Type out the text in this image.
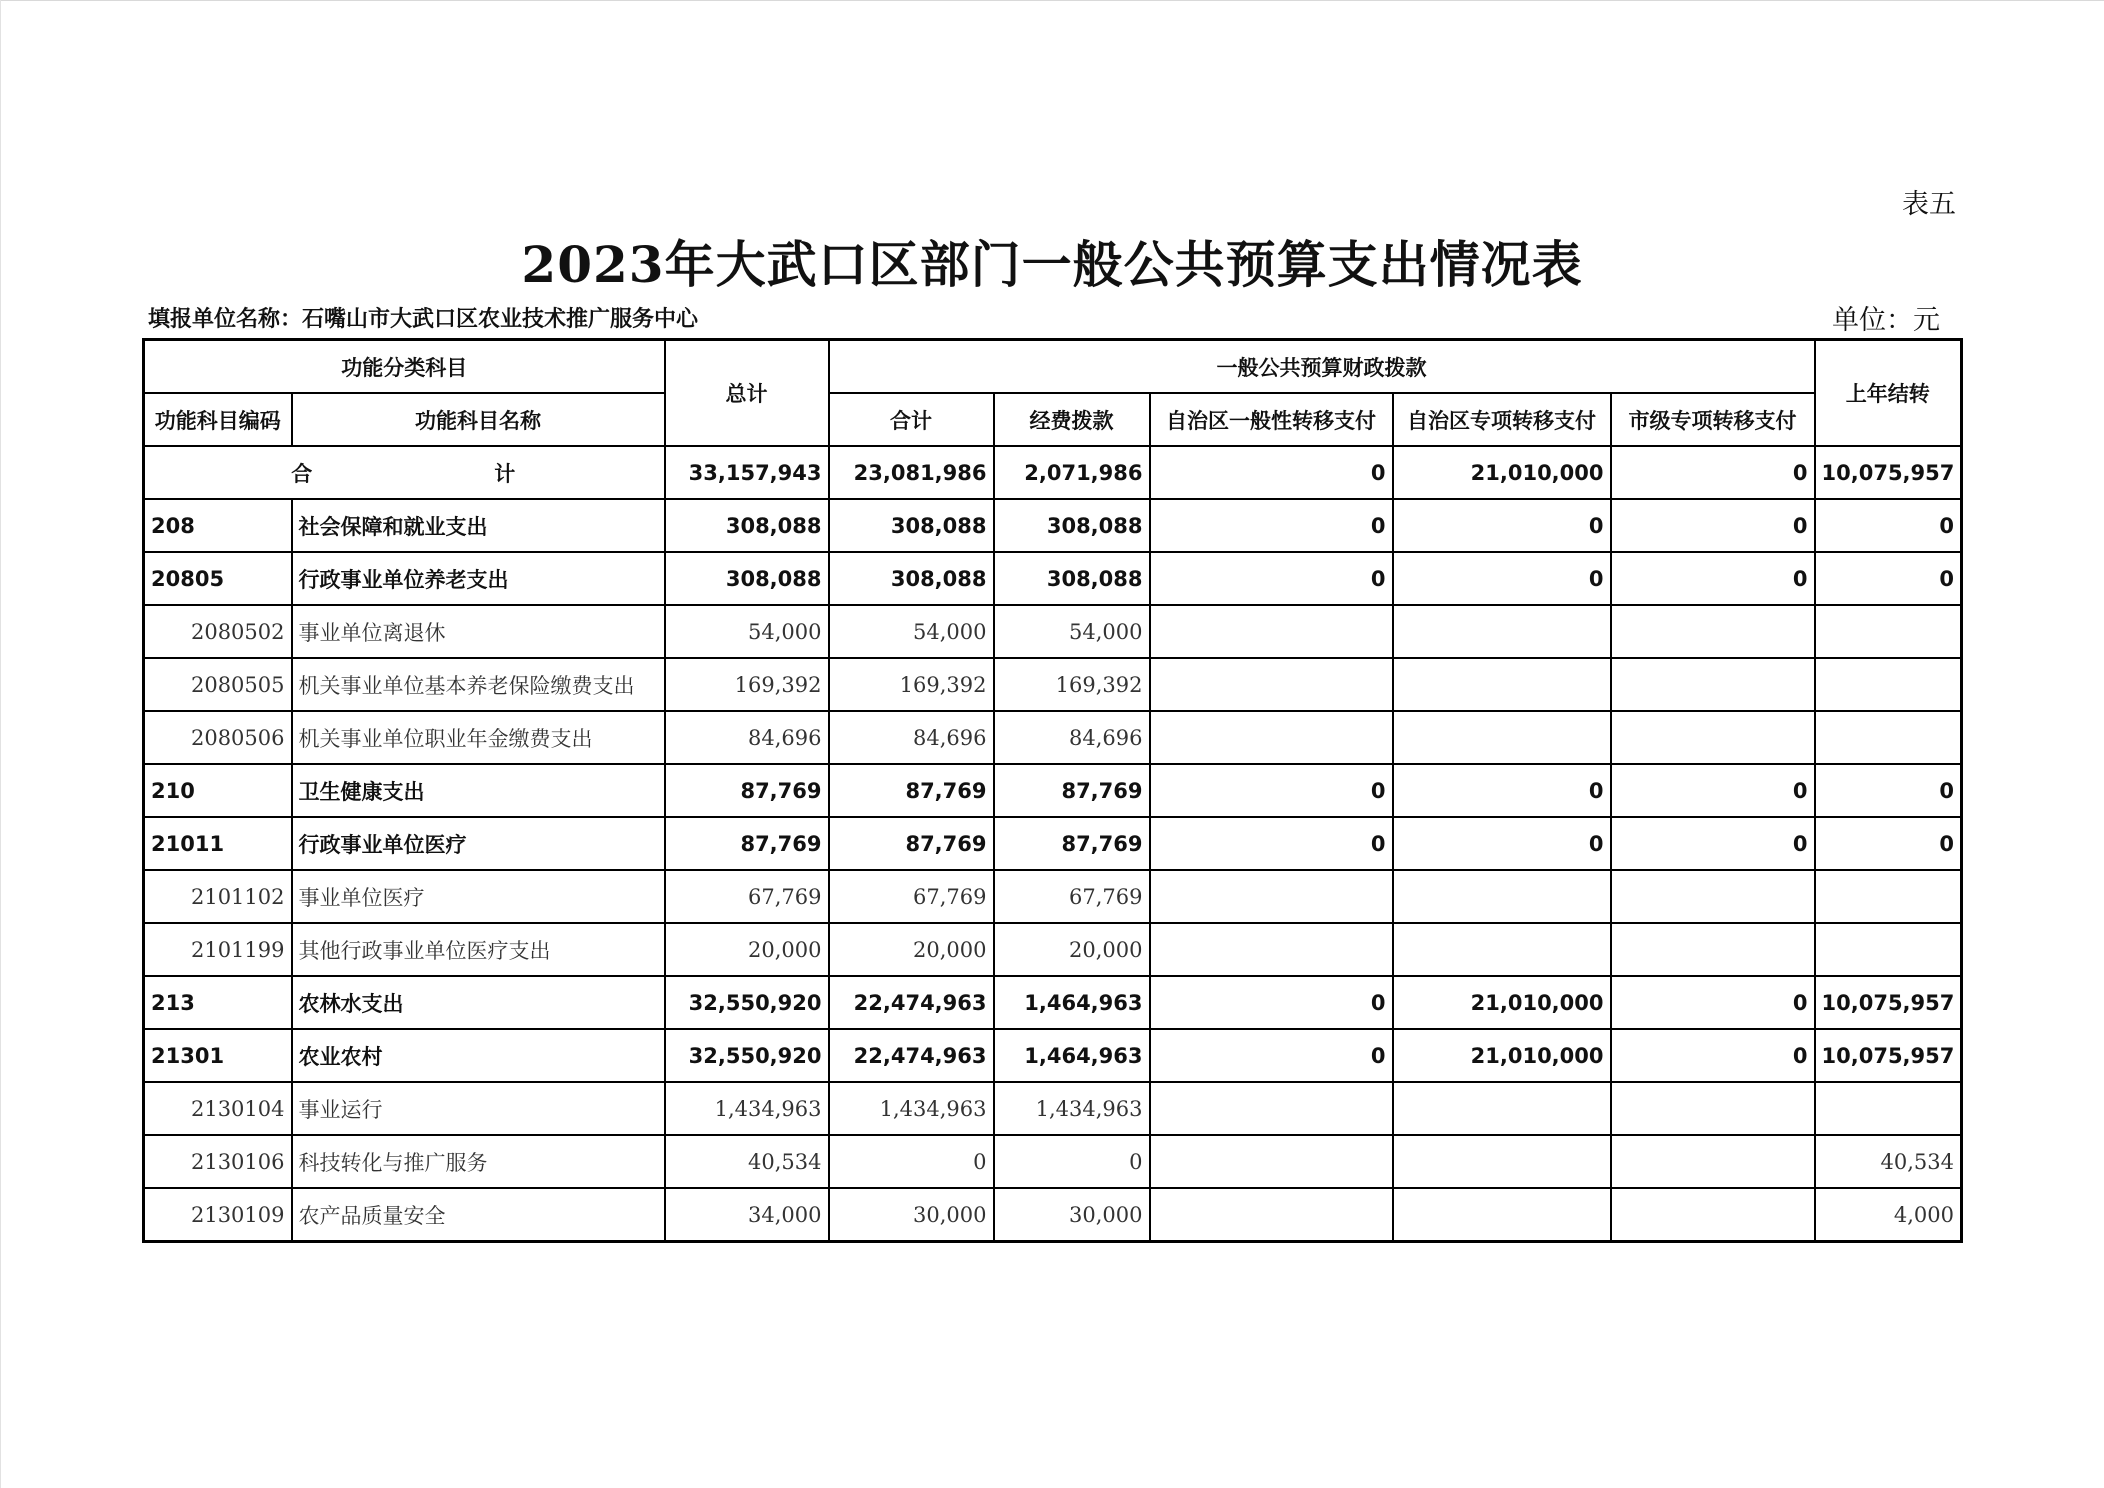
表五
2023年大武口区部门一般公共预算支出情况表
填报单位名称：石嘴山市大武口区农业技术推广服务中心	单位：元
功能分类科目		总计	一般公共预算财政拨款					上年结转
功能科目编码	功能科目名称		合计	经费拨款	自治区一般性转移支付	自治区专项转移支付	市级专项转移支付	
合 计		33,157,943	23,081,986	2,071,986	0	21,010,000	0	10,075,957
208	社会保障和就业支出	308,088	308,088	308,088	0	0	0	0
20805	行政事业单位养老支出	308,088	308,088	308,088	0	0	0	0
2080502	事业单位离退休	54,000	54,000	54,000				
2080505	机关事业单位基本养老保险缴费支出	169,392	169,392	169,392				
2080506	机关事业单位职业年金缴费支出	84,696	84,696	84,696				
210	卫生健康支出	87,769	87,769	87,769	0	0	0	0
21011	行政事业单位医疗	87,769	87,769	87,769	0	0	0	0
2101102	事业单位医疗	67,769	67,769	67,769				
2101199	其他行政事业单位医疗支出	20,000	20,000	20,000				
213	农林水支出	32,550,920	22,474,963	1,464,963	0	21,010,000	0	10,075,957
21301	农业农村	32,550,920	22,474,963	1,464,963	0	21,010,000	0	10,075,957
2130104	事业运行	1,434,963	1,434,963	1,434,963				
2130106	科技转化与推广服务	40,534	0	0				40,534
2130109	农产品质量安全	34,000	30,000	30,000				4,000
